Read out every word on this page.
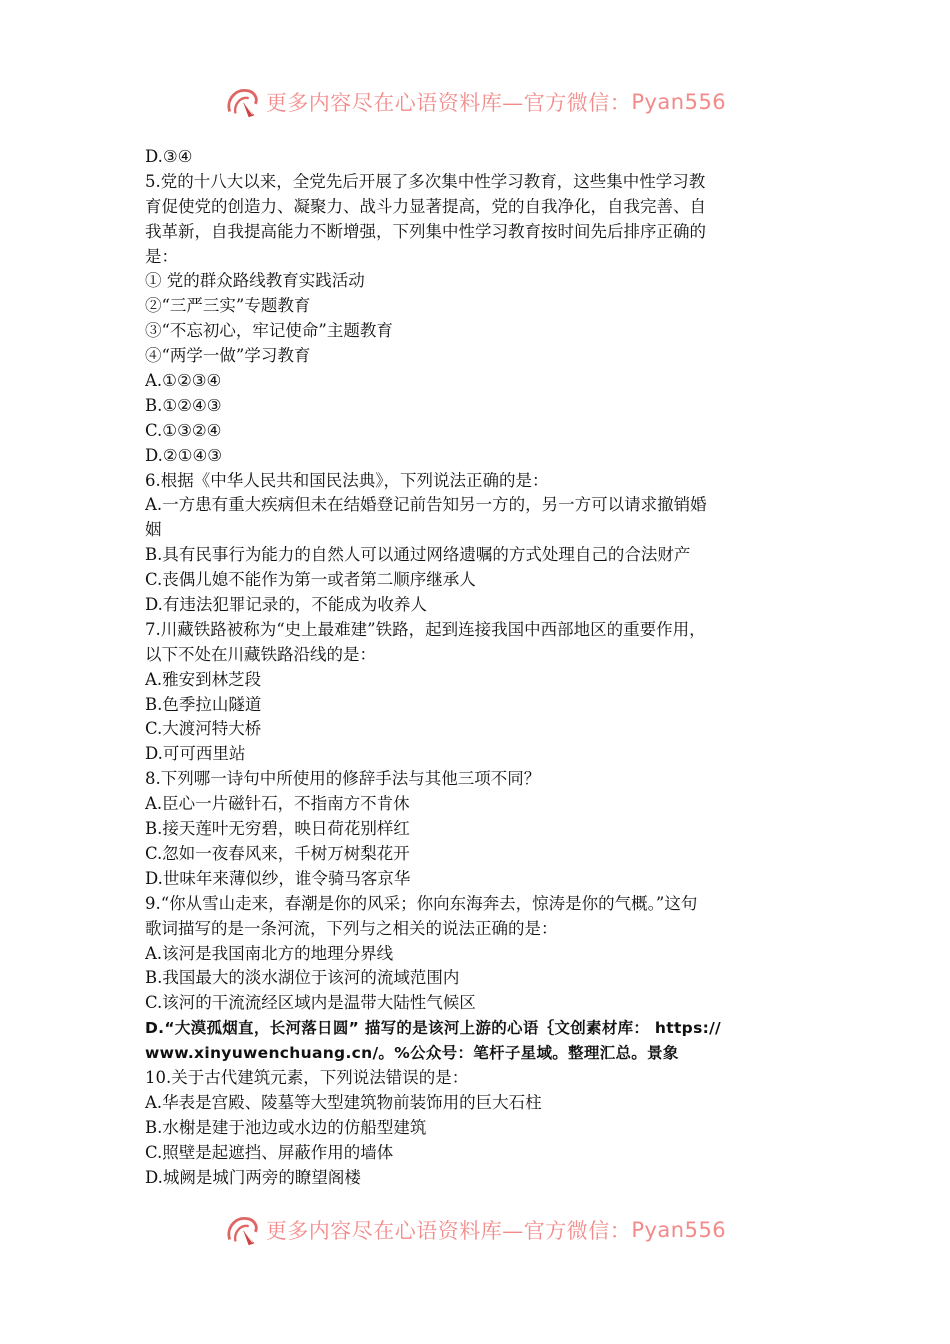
更多内容尽在心语资料库—官方微信： Pyan556
D.③④
5.党的十八大以来，全党先后开展了多次集中性学习教育，这些集中性学习教
育促使党的创造力、凝聚力、战斗力显著提高，党的自我净化，自我完善、自
我革新，自我提高能力不断增强，下列集中性学习教育按时间先后排序正确的
是：
① 党的群众路线教育实践活动
②“三严三实”专题教育
③“不忘初心，牢记使命”主题教育
④“两学一做”学习教育
A.①②③④
B.①②④③
C.①③②④
D.②①④③
6.根据《中华人民共和国民法典》，下列说法正确的是：
A.一方患有重大疾病但未在结婚登记前告知另一方的，另一方可以请求撤销婚
姻
B.具有民事行为能力的自然人可以通过网络遗嘱的方式处理自己的合法财产
C.丧偶儿媳不能作为第一或者第二顺序继承人
D.有违法犯罪记录的，不能成为收养人
7.川藏铁路被称为“史上最难建”铁路，起到连接我国中西部地区的重要作用，
以下不处在川藏铁路沿线的是：
A.雅安到林芝段
B.色季拉山隧道
C.大渡河特大桥
D.可可西里站
8.下列哪一诗句中所使用的修辞手法与其他三项不同？
A.臣心一片磁针石，不指南方不肯休
B.接天莲叶无穷碧，映日荷花别样红
C.忽如一夜春风来，千树万树梨花开
D.世味年来薄似纱，谁令骑马客京华
9.“你从雪山走来，春潮是你的风采；你向东海奔去，惊涛是你的气概。”这句
歌词描写的是一条河流，下列与之相关的说法正确的是：
A.该河是我国南北方的地理分界线
B.我国最大的淡水湖位于该河的流域范围内
C.该河的干流流经区域内是温带大陆性气候区
D.“大漠孤烟直，长河落日圆” 描写的是该河上游的心语｛文创素材库： https://
www.xinyuwenchuang.cn/。%公众号：笔杆子星域。整理汇总。景象
10.关于古代建筑元素，下列说法错误的是：
A.华表是宫殿、陵墓等大型建筑物前装饰用的巨大石柱
B.水榭是建于池边或水边的仿船型建筑
C.照壁是起遮挡、屏蔽作用的墙体
D.城阙是城门两旁的瞭望阁楼
更多内容尽在心语资料库—官方微信： Pyan556
